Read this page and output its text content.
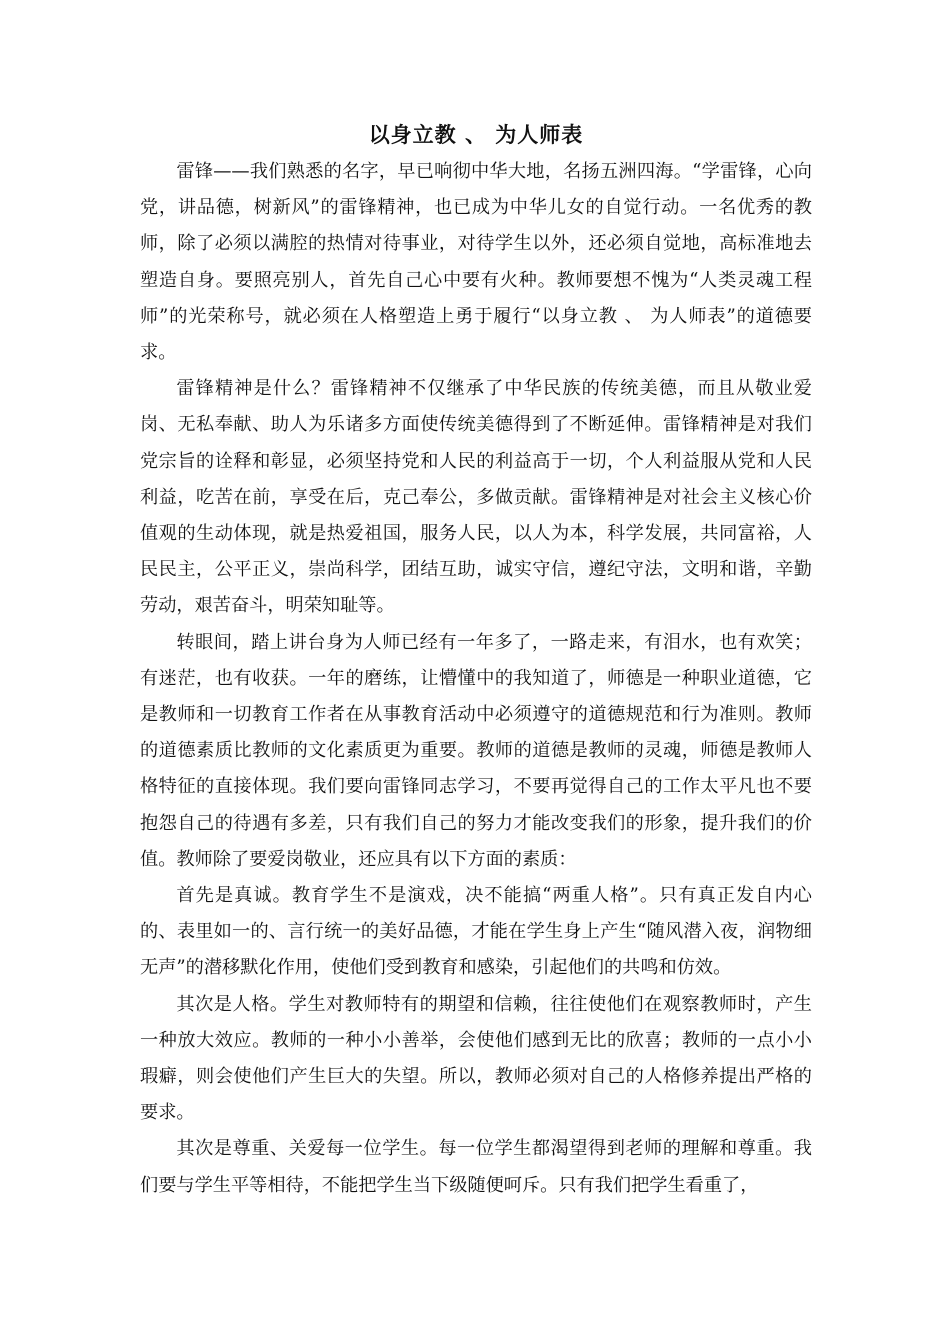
以身立教 、 为人师表

雷锋——我们熟悉的名字，早已响彻中华大地，名扬五洲四海。“学雷锋，心向党，讲品德，树新风”的雷锋精神，也已成为中华儿女的自觉行动。一名优秀的教师，除了必须以满腔的热情对待事业，对待学生以外，还必须自觉地，高标准地去塑造自身。要照亮别人，首先自己心中要有火种。教师要想不愧为“人类灵魂工程师”的光荣称号，就必须在人格塑造上勇于履行“以身立教 、 为人师表”的道德要求。

雷锋精神是什么？雷锋精神不仅继承了中华民族的传统美德，而且从敬业爱岗、无私奉献、助人为乐诸多方面使传统美德得到了不断延伸。雷锋精神是对我们党宗旨的诠释和彰显，必须坚持党和人民的利益高于一切，个人利益服从党和人民利益，吃苦在前，享受在后，克己奉公，多做贡献。雷锋精神是对社会主义核心价值观的生动体现，就是热爱祖国，服务人民，以人为本，科学发展，共同富裕，人民民主，公平正义，崇尚科学，团结互助，诚实守信，遵纪守法，文明和谐，辛勤劳动，艰苦奋斗，明荣知耻等。

转眼间，踏上讲台身为人师已经有一年多了，一路走来，有泪水，也有欢笑；有迷茫，也有收获。一年的磨练，让懵懂中的我知道了，师德是一种职业道德，它是教师和一切教育工作者在从事教育活动中必须遵守的道德规范和行为准则。教师的道德素质比教师的文化素质更为重要。教师的道德是教师的灵魂，师德是教师人格特征的直接体现。我们要向雷锋同志学习，不要再觉得自己的工作太平凡也不要抱怨自己的待遇有多差，只有我们自己的努力才能改变我们的形象，提升我们的价值。教师除了要爱岗敬业，还应具有以下方面的素质：

首先是真诚。教育学生不是演戏，决不能搞“两重人格”。只有真正发自内心的、表里如一的、言行统一的美好品德，才能在学生身上产生“随风潜入夜，润物细无声”的潜移默化作用，使他们受到教育和感染，引起他们的共鸣和仿效。

其次是人格。学生对教师特有的期望和信赖，往往使他们在观察教师时，产生一种放大效应。教师的一种小小善举，会使他们感到无比的欣喜；教师的一点小小瑕癖，则会使他们产生巨大的失望。所以，教师必须对自己的人格修养提出严格的要求。

其次是尊重、关爱每一位学生。每一位学生都渴望得到老师的理解和尊重。我们要与学生平等相待，不能把学生当下级随便呵斥。只有我们把学生看重了，
